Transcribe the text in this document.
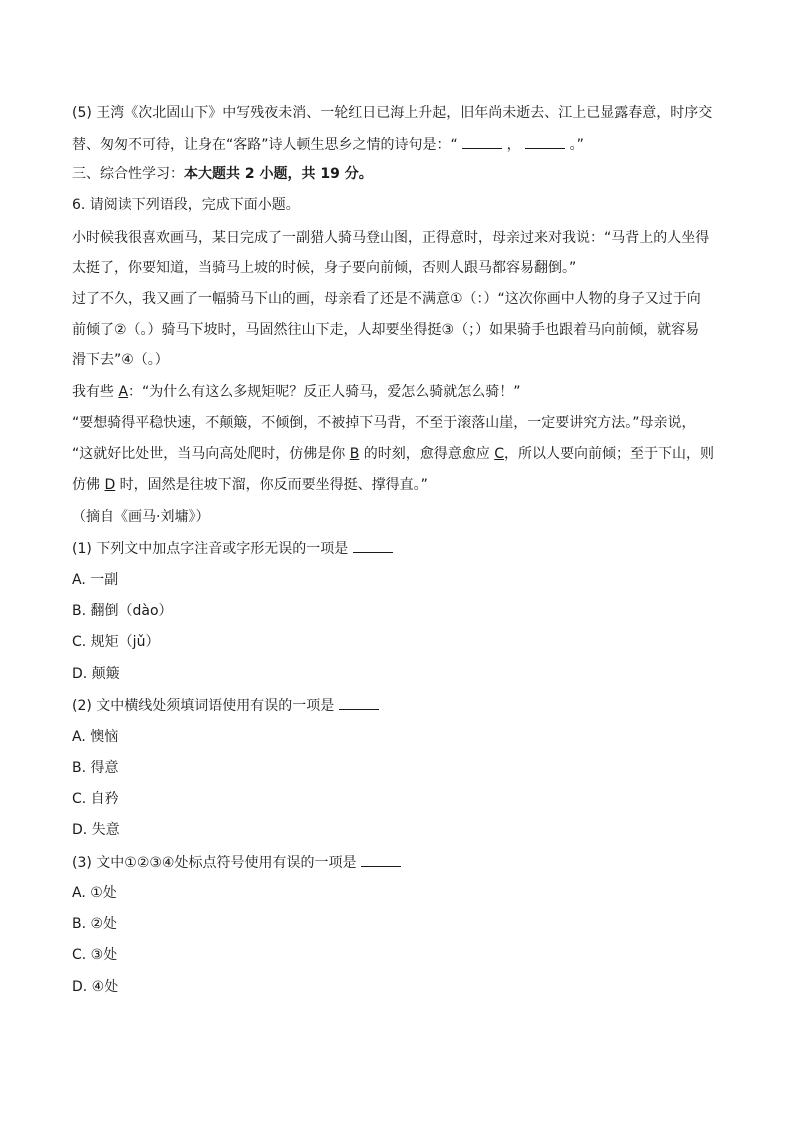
(5) 王湾《次北固山下》中写残夜未消、一轮红日已海上升起，旧年尚未逝去、江上已显露春意，时序交

替、匆匆不可待，让身在“客路”诗人顿生思乡之情的诗句是：“	，	。”

三、综合性学习：本大题共 2 小题，共 19 分。

6. 请阅读下列语段，完成下面小题。

小时候我很喜欢画马，某日完成了一副猎人骑马登山图，正得意时，母亲过来对我说：“马背上的人坐得

太挺了，你要知道，当骑马上坡的时候，身子要向前倾，否则人跟马都容易翻倒。”

过了不久，我又画了一幅骑马下山的画，母亲看了还是不满意①（：）“这次你画中人物的身子又过于向

前倾了②（。）骑马下坡时，马固然往山下走，人却要坐得挺③（；）如果骑手也跟着马向前倾，就容易

滑下去”④（。）

我有些 A：“为什么有这么多规矩呢？反正人骑马，爱怎么骑就怎么骑！”

“要想骑得平稳快速，不颠簸，不倾倒，不被掉下马背，不至于滚落山崖，一定要讲究方法。”母亲说，

“这就好比处世，当马向高处爬时，仿佛是你 B 的时刻，愈得意愈应 C，所以人要向前倾；至于下山，则

仿佛 D 时，固然是往坡下溜，你反而要坐得挺、撑得直。”

（摘自《画马·刘墉》）

(1) 下列文中加点字注音或字形无误的一项是

A. 一副

B. 翻倒（dào）

C. 规矩（jǔ）

D. 颠簸

(2) 文中横线处须填词语使用有误的一项是

A. 懊恼

B. 得意

C. 自矜

D. 失意

(3) 文中①②③④处标点符号使用有误的一项是

A. ①处

B. ②处

C. ③处

D. ④处
